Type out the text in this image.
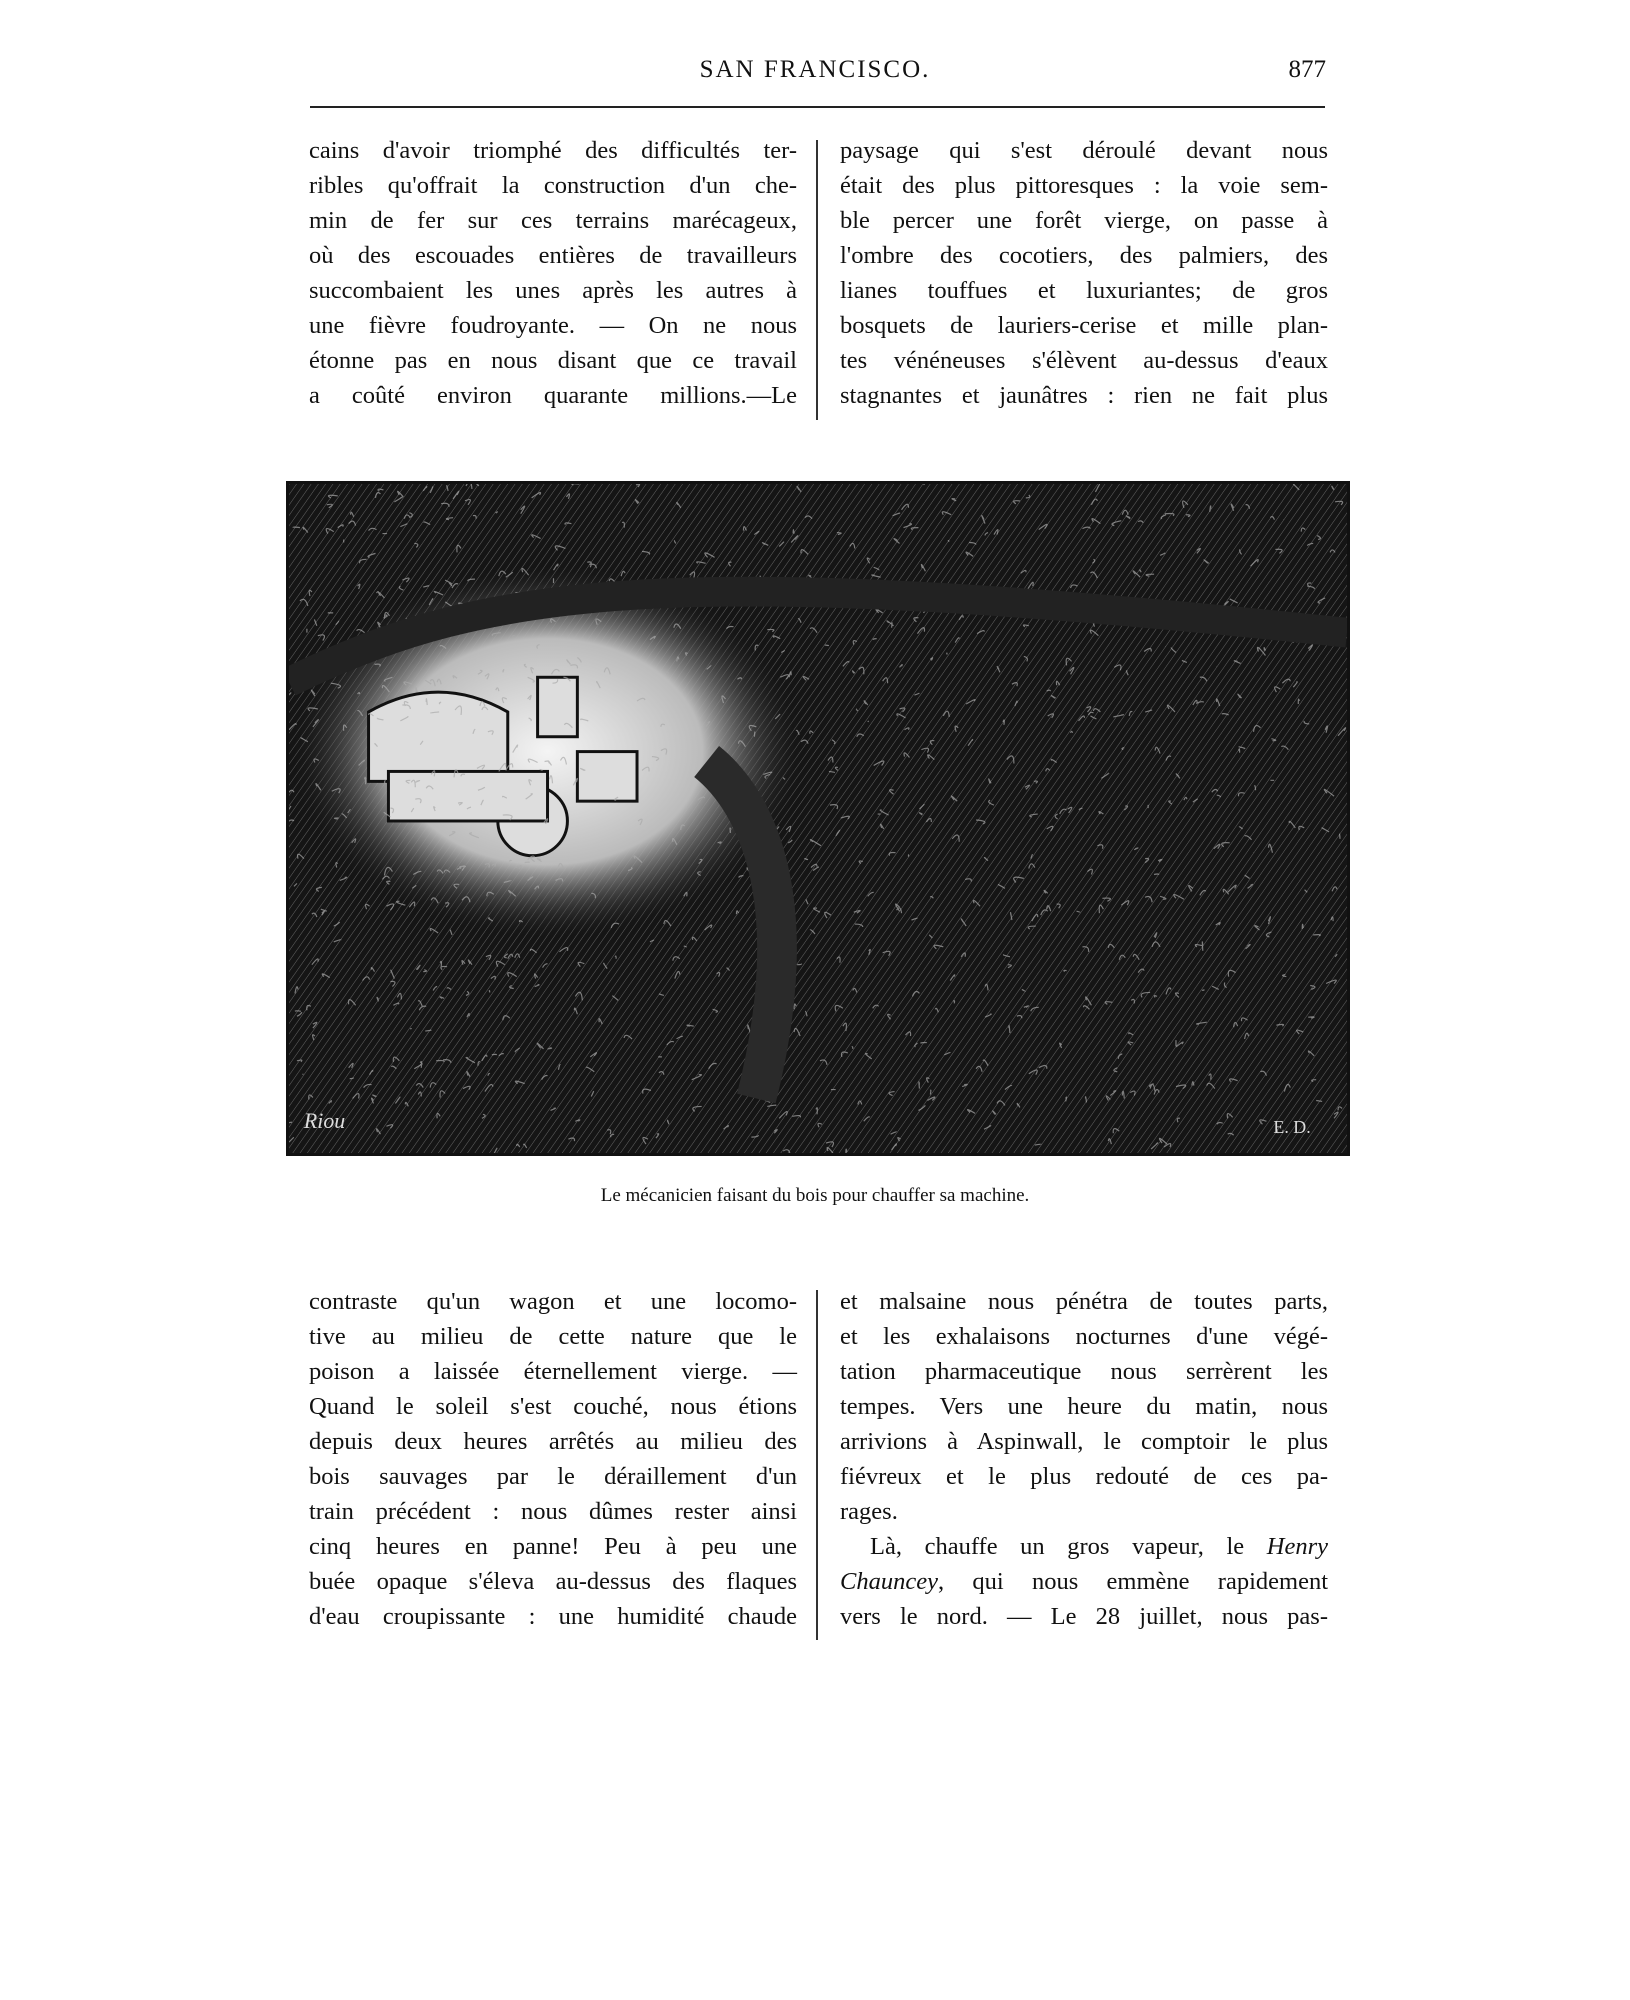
SAN FRANCISCO.	877
cains d'avoir triomphé des difficultés ter-
ribles qu'offrait la construction d'un che-
min de fer sur ces terrains marécageux,
où des escouades entières de travailleurs
succombaient les unes après les autres à
une fièvre foudroyante. — On ne nous
étonne pas en nous disant que ce travail
a coûté environ quarante millions.—Le
paysage qui s'est déroulé devant nous
était des plus pittoresques : la voie sem-
ble percer une forêt vierge, on passe à
l'ombre des cocotiers, des palmiers, des
lianes touffues et luxuriantes; de gros
bosquets de lauriers-cerise et mille plan-
tes vénéneuses s'élèvent au-dessus d'eaux
stagnantes et jaunâtres : rien ne fait plus
Riou	E. D.
Le mécanicien faisant du bois pour chauffer sa machine.
contraste qu'un wagon et une locomo-
tive au milieu de cette nature que le
poison a laissée éternellement vierge. —
Quand le soleil s'est couché, nous étions
depuis deux heures arrêtés au milieu des
bois sauvages par le déraillement d'un
train précédent : nous dûmes rester ainsi
cinq heures en panne! Peu à peu une
buée opaque s'éleva au-dessus des flaques
d'eau croupissante : une humidité chaude
et malsaine nous pénétra de toutes parts,
et les exhalaisons nocturnes d'une végé-
tation pharmaceutique nous serrèrent les
tempes. Vers une heure du matin, nous
arrivions à Aspinwall, le comptoir le plus
fiévreux et le plus redouté de ces pa-
rages.
Là, chauffe un gros vapeur, le Henry
Chauncey, qui nous emmène rapidement
vers le nord. — Le 28 juillet, nous pas-
